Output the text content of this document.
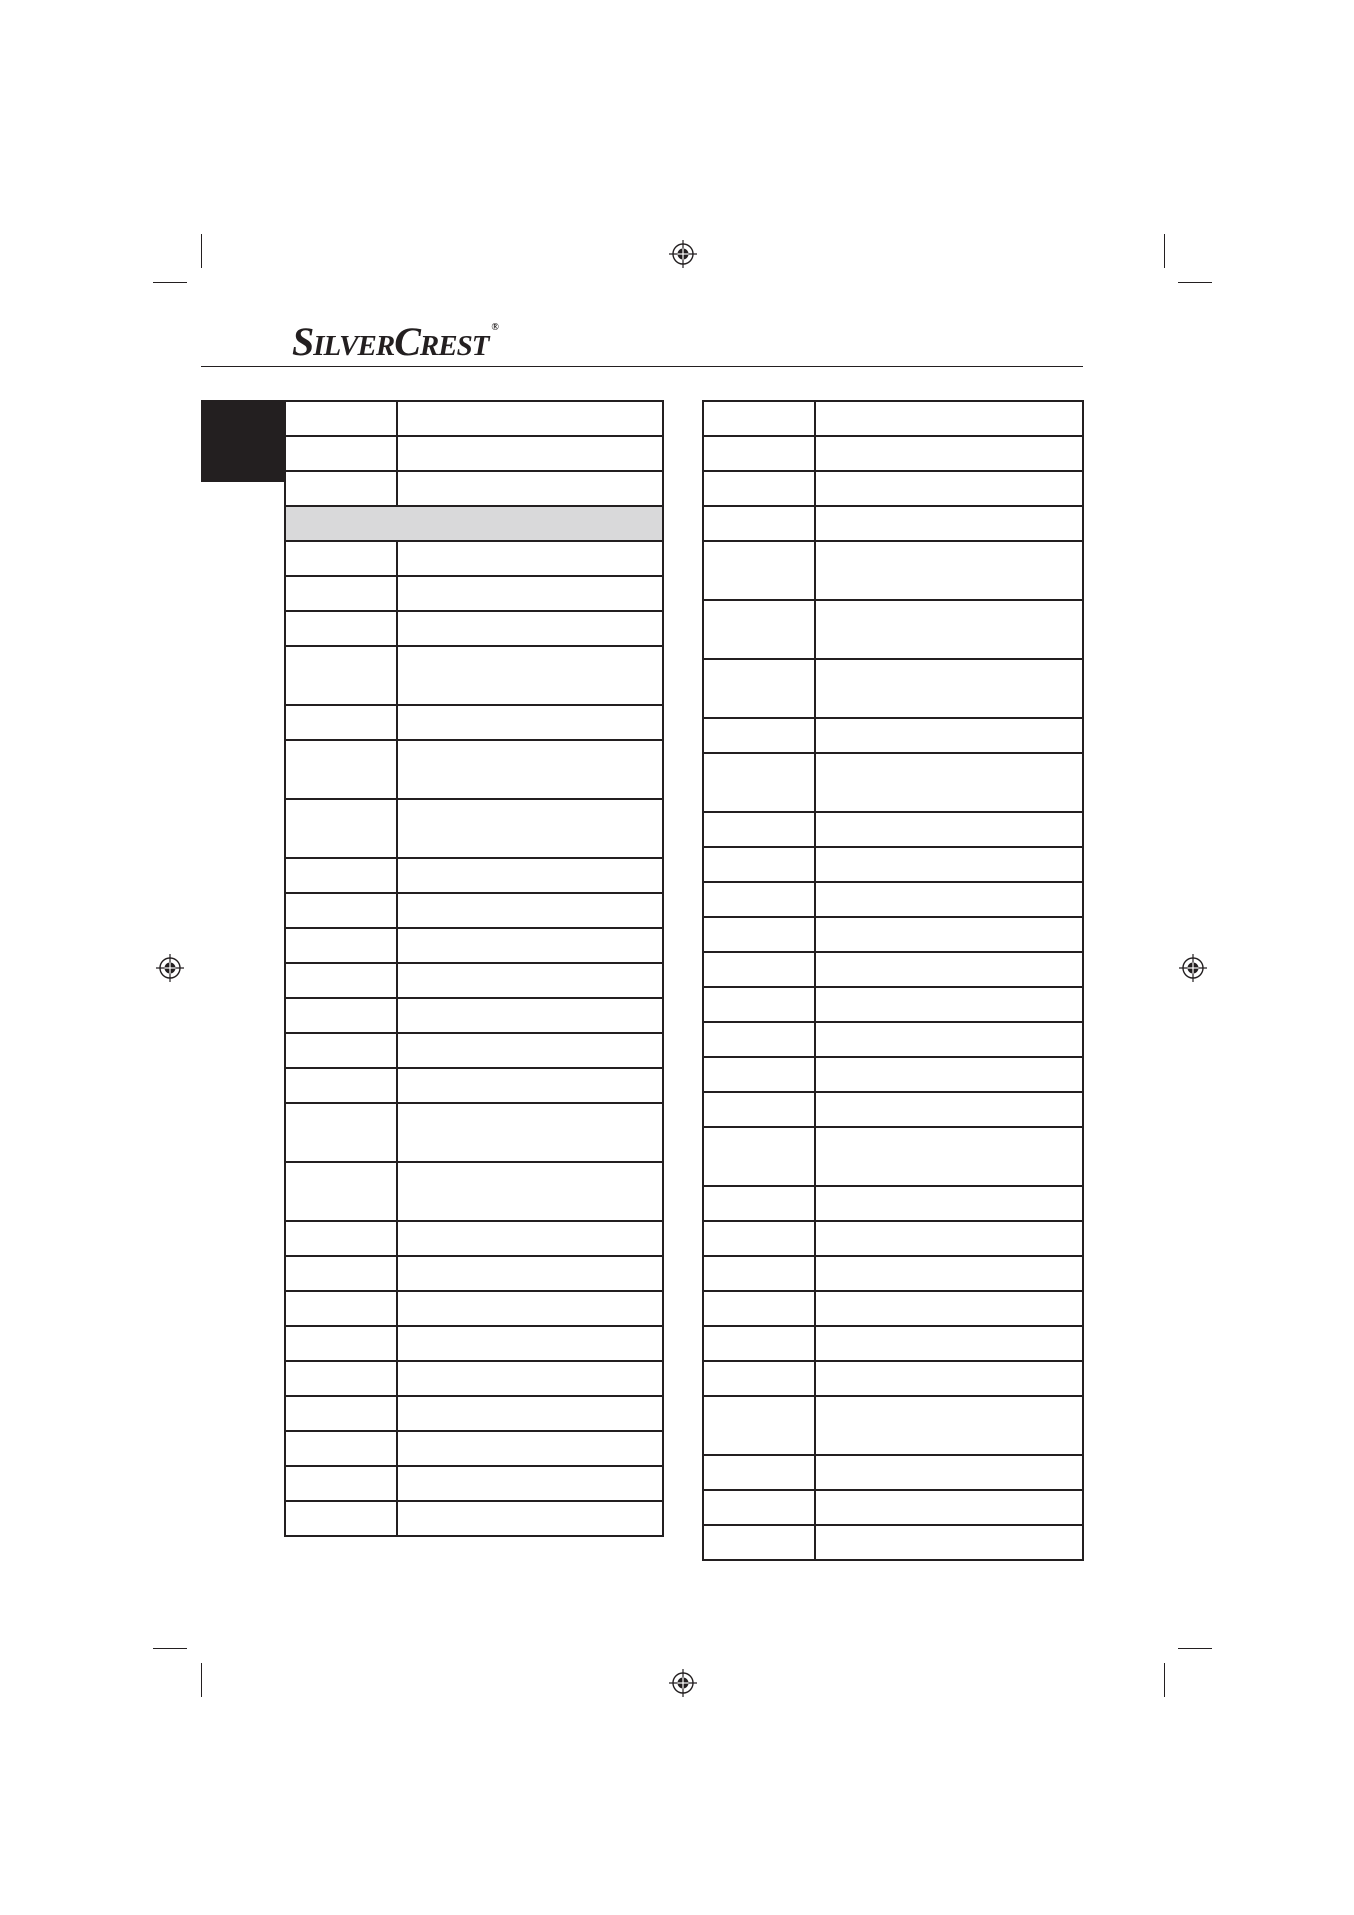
SILVERCREST®
